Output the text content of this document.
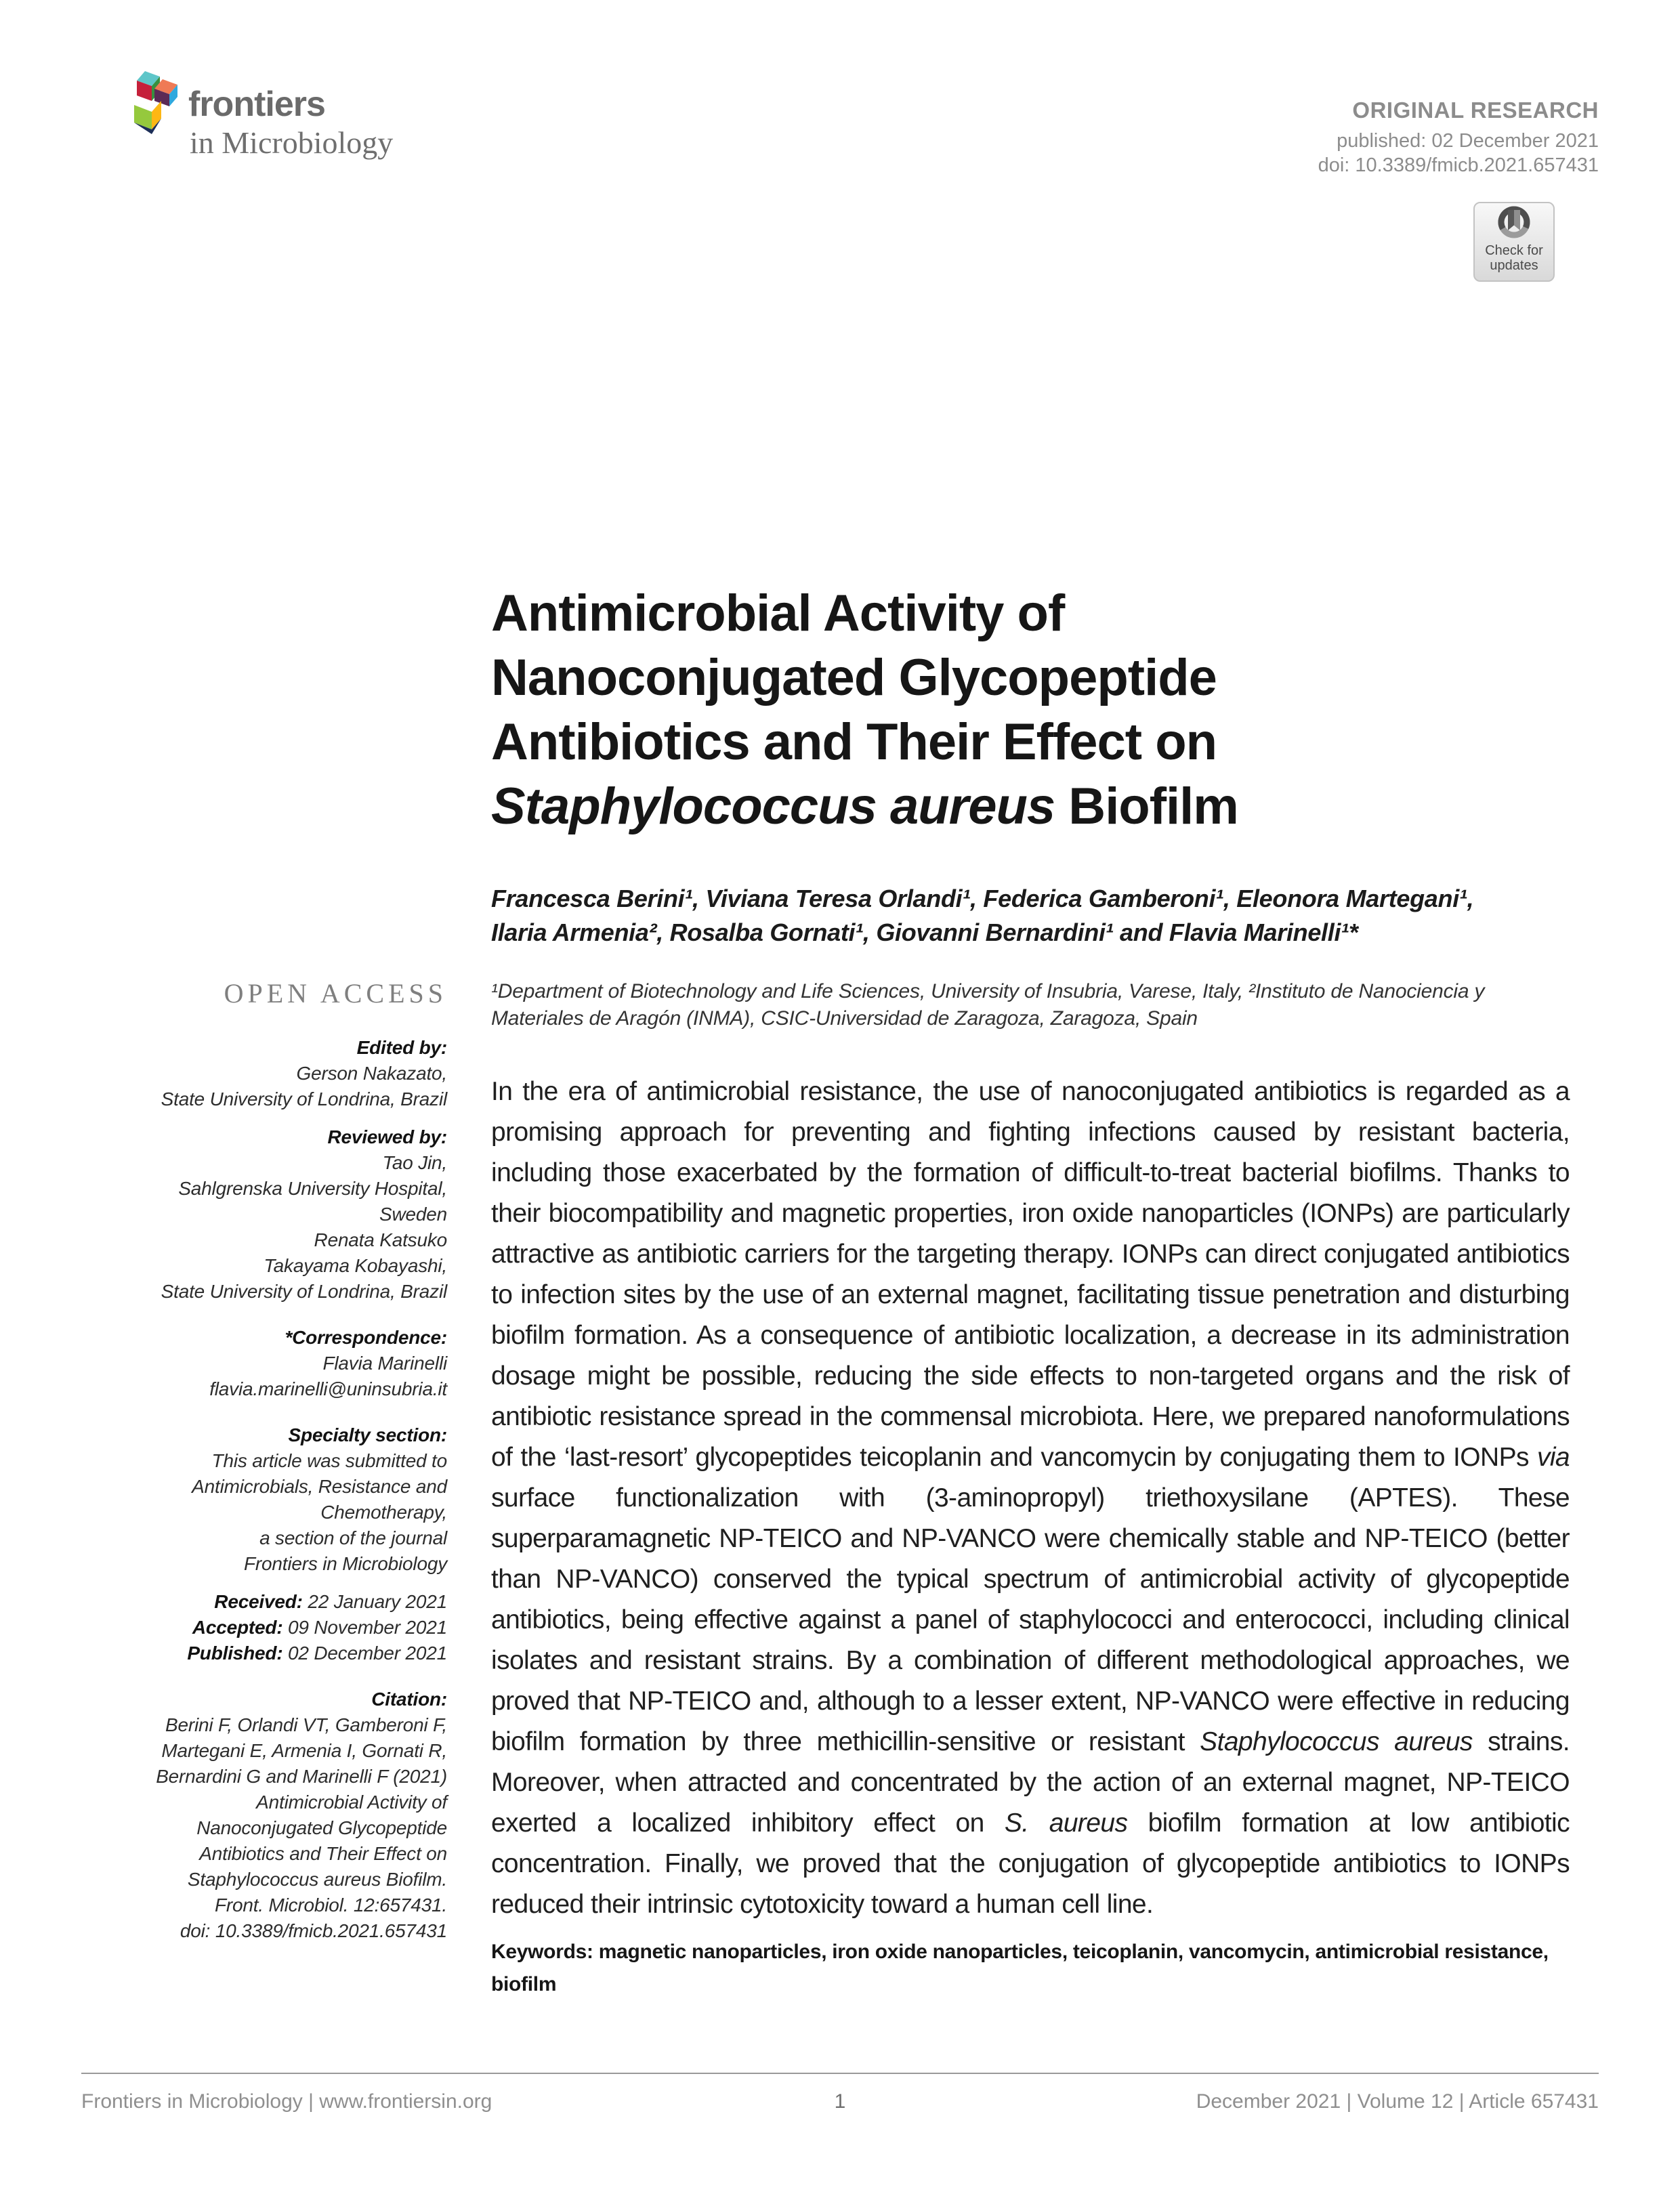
frontiers
in Microbiology
ORIGINAL RESEARCH
published: 02 December 2021
doi: 10.3389/fmicb.2021.657431
Check for
updates
Antimicrobial Activity of
Nanoconjugated Glycopeptide
Antibiotics and Their Effect on
Staphylococcus aureus Biofilm
Francesca Berini¹, Viviana Teresa Orlandi¹, Federica Gamberoni¹, Eleonora Martegani¹,
Ilaria Armenia², Rosalba Gornati¹, Giovanni Bernardini¹ and Flavia Marinelli¹*
¹Department of Biotechnology and Life Sciences, University of Insubria, Varese, Italy, ²Instituto de Nanociencia y Materiales de Aragón (INMA), CSIC-Universidad de Zaragoza, Zaragoza, Spain
OPEN ACCESS
Edited by:
Gerson Nakazato,
State University of Londrina, Brazil
Reviewed by:
Tao Jin,
Sahlgrenska University Hospital,
Sweden
Renata Katsuko
Takayama Kobayashi,
State University of Londrina, Brazil
*Correspondence:
Flavia Marinelli
flavia.marinelli@uninsubria.it
Specialty section:
This article was submitted to
Antimicrobials, Resistance and
Chemotherapy,
a section of the journal
Frontiers in Microbiology
Received: 22 January 2021
Accepted: 09 November 2021
Published: 02 December 2021
Citation:
Berini F, Orlandi VT, Gamberoni F,
Martegani E, Armenia I, Gornati R,
Bernardini G and Marinelli F (2021)
Antimicrobial Activity of
Nanoconjugated Glycopeptide
Antibiotics and Their Effect on
Staphylococcus aureus Biofilm.
Front. Microbiol. 12:657431.
doi: 10.3389/fmicb.2021.657431

In the era of antimicrobial resistance, the use of nanoconjugated antibiotics is regarded as a promising approach for preventing and fighting infections caused by resistant bacteria, including those exacerbated by the formation of difficult-to-treat bacterial biofilms. Thanks to their biocompatibility and magnetic properties, iron oxide nanoparticles (IONPs) are particularly attractive as antibiotic carriers for the targeting therapy. IONPs can direct conjugated antibiotics to infection sites by the use of an external magnet, facilitating tissue penetration and disturbing biofilm formation. As a consequence of antibiotic localization, a decrease in its administration dosage might be possible, reducing the side effects to non-targeted organs and the risk of antibiotic resistance spread in the commensal microbiota. Here, we prepared nanoformulations of the ‘last-resort’ glycopeptides teicoplanin and vancomycin by conjugating them to IONPs via surface functionalization with (3-aminopropyl) triethoxysilane (APTES). These superparamagnetic NP-TEICO and NP-VANCO were chemically stable and NP-TEICO (better than NP-VANCO) conserved the typical spectrum of antimicrobial activity of glycopeptide antibiotics, being effective against a panel of staphylococci and enterococci, including clinical isolates and resistant strains. By a combination of different methodological approaches, we proved that NP-TEICO and, although to a lesser extent, NP-VANCO were effective in reducing biofilm formation by three methicillin-sensitive or resistant Staphylococcus aureus strains. Moreover, when attracted and concentrated by the action of an external magnet, NP-TEICO exerted a localized inhibitory effect on S. aureus biofilm formation at low antibiotic concentration. Finally, we proved that the conjugation of glycopeptide antibiotics to IONPs reduced their intrinsic cytotoxicity toward a human cell line.

Keywords: magnetic nanoparticles, iron oxide nanoparticles, teicoplanin, vancomycin, antimicrobial resistance, biofilm
Frontiers in Microbiology | www.frontiersin.org	1	December 2021 | Volume 12 | Article 657431
